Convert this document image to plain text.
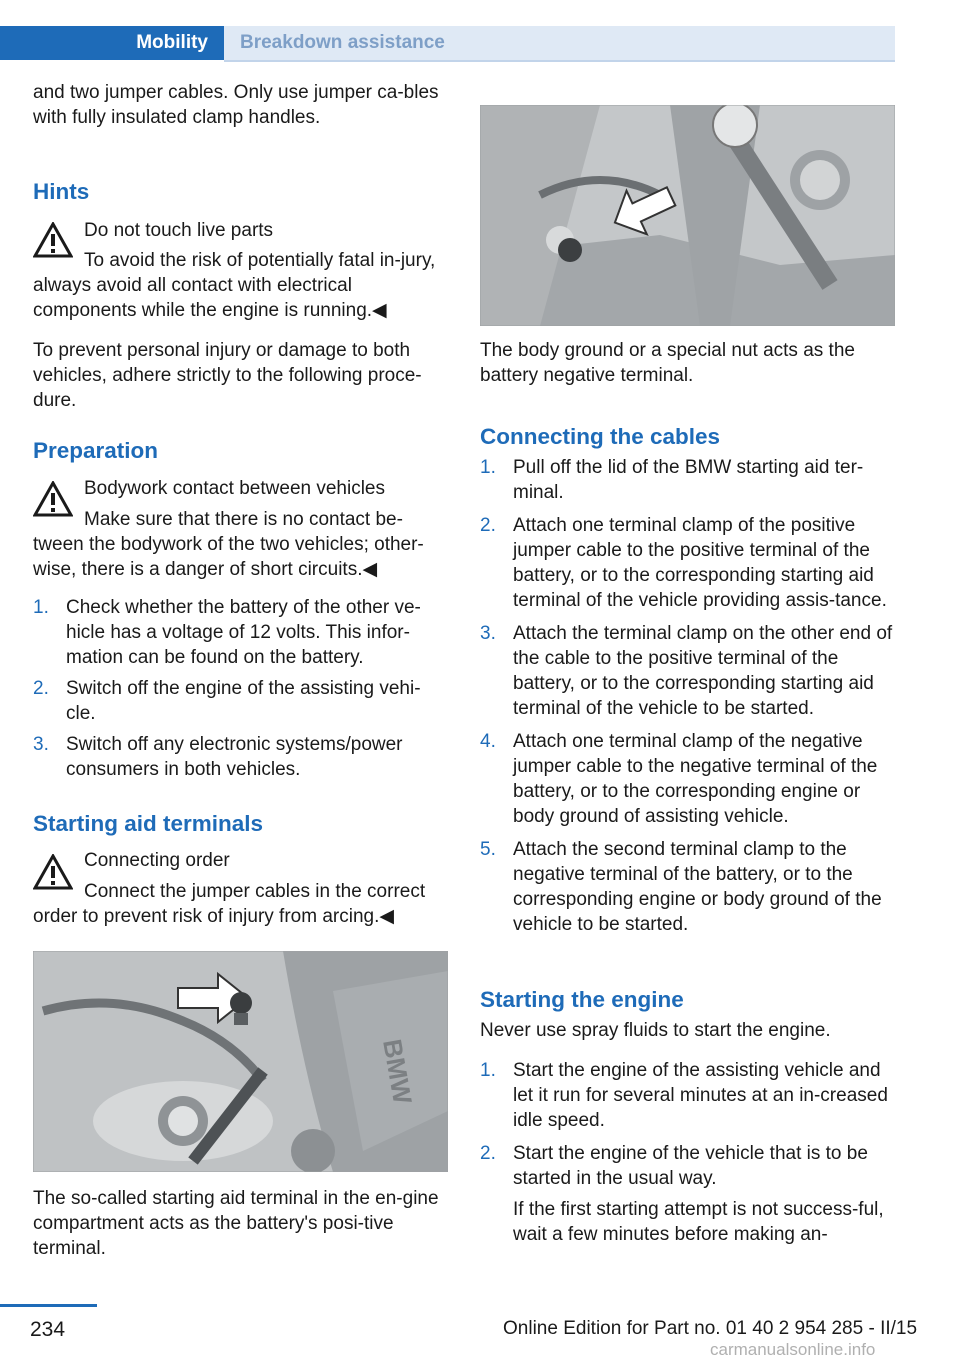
Mobility	Breakdown assistance

and two jumper cables. Only use jumper ca-bles with fully insulated clamp handles.

Hints

Do not touch live parts

To avoid the risk of potentially fatal in-jury, always avoid all contact with electrical components while the engine is running.◀

To prevent personal injury or damage to both vehicles, adhere strictly to the following proce-dure.

Preparation

Bodywork contact between vehicles

Make sure that there is no contact be-tween the bodywork of the two vehicles; other-wise, there is a danger of short circuits.◀

1. Check whether the battery of the other ve-hicle has a voltage of 12 volts. This infor-mation can be found on the battery.
2. Switch off the engine of the assisting vehi-cle.
3. Switch off any electronic systems/power consumers in both vehicles.
Starting aid terminals

Connecting order

Connect the jumper cables in the correct order to prevent risk of injury from arcing.◀

BMW

The so-called starting aid terminal in the en-gine compartment acts as the battery's posi-tive terminal.

The body ground or a special nut acts as the battery negative terminal.

Connecting the cables
1. Pull off the lid of the BMW starting aid ter-minal.
2. Attach one terminal clamp of the positive jumper cable to the positive terminal of the battery, or to the corresponding starting aid terminal of the vehicle providing assis-tance.
3. Attach the terminal clamp on the other end of the cable to the positive terminal of the battery, or to the corresponding starting aid terminal of the vehicle to be started.
4. Attach one terminal clamp of the negative jumper cable to the negative terminal of the battery, or to the corresponding engine or body ground of assisting vehicle.
5. Attach the second terminal clamp to the negative terminal of the battery, or to the corresponding engine or body ground of the vehicle to be started.
Starting the engine

Never use spray fluids to start the engine.

1. Start the engine of the assisting vehicle and let it run for several minutes at an in-creased idle speed.
2. Start the engine of the vehicle that is to be started in the usual way.
If the first starting attempt is not success-ful, wait a few minutes before making an-
234	Online Edition for Part no. 01 40 2 954 285 - II/15
carmanualsonline.info
